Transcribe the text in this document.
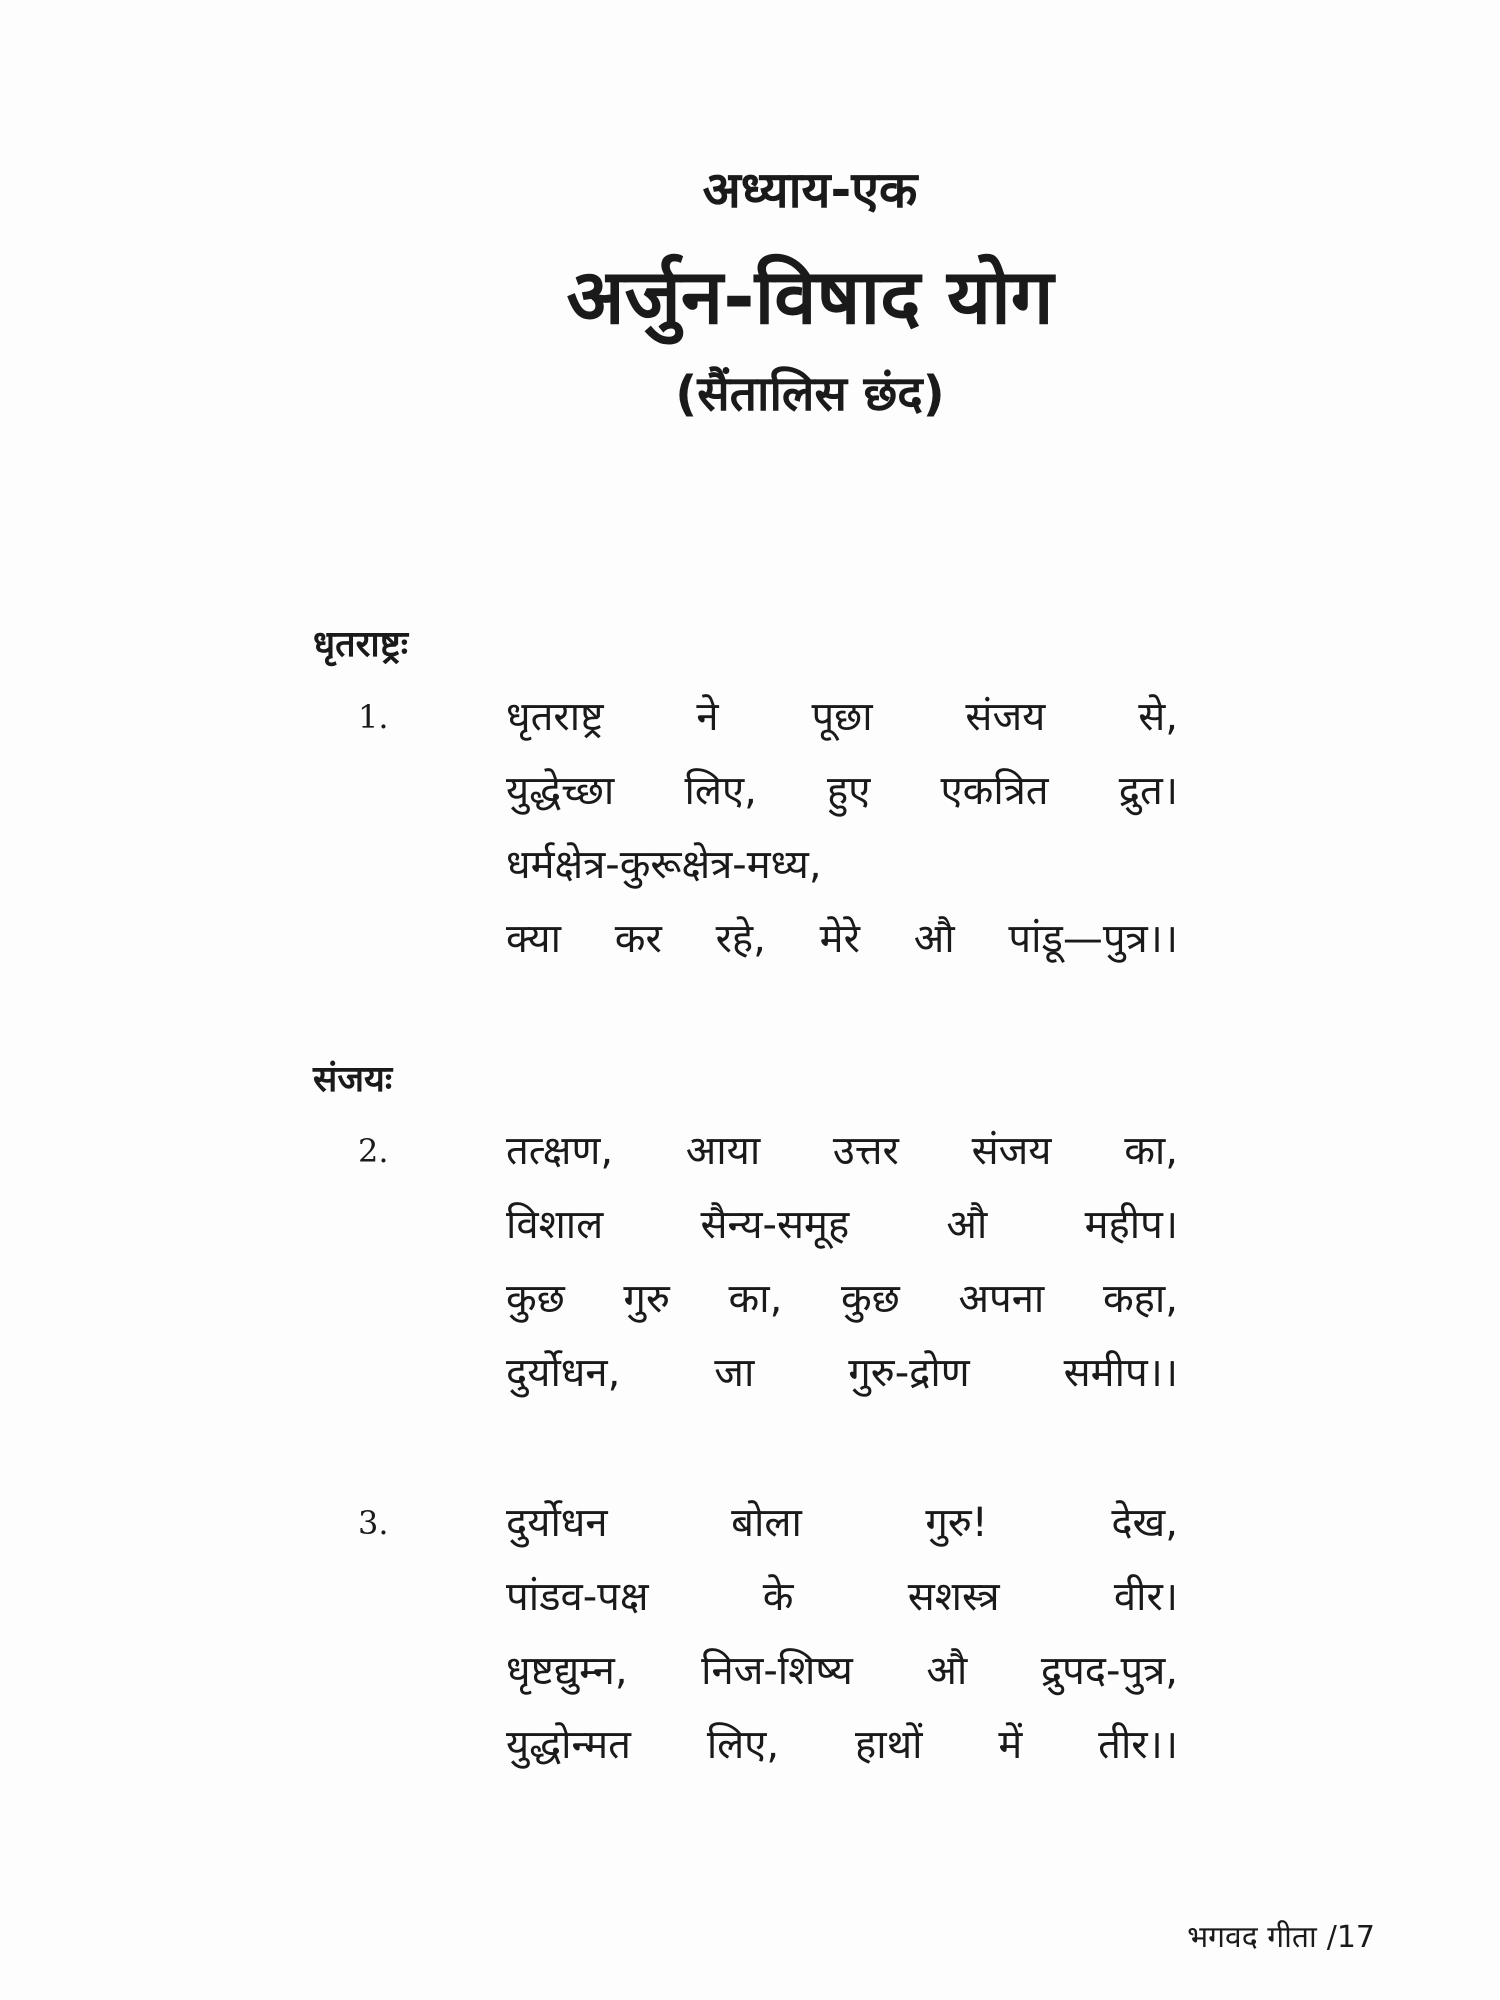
अध्याय-एक
अर्जुन-विषाद योग
(सैंतालिस छंद)
धृतराष्ट्रः
1.	धृतराष्ट्र ने पूछा संजय से,
युद्धेच्छा लिए, हुए एकत्रित द्रुत।
धर्मक्षेत्र-कुरूक्षेत्र-मध्य,
क्या कर रहे, मेरे औ पांडू—पुत्र।।
संजयः
2.	तत्क्षण, आया उत्तर संजय का,
विशाल सैन्य-समूह औ महीप।
कुछ गुरु का, कुछ अपना कहा,
दुर्योधन, जा गुरु-द्रोण समीप।।
3.	दुर्योधन बोला गुरु! देख,
पांडव-पक्ष के सशस्त्र वीर।
धृष्टद्युम्न, निज-शिष्य औ द्रुपद-पुत्र,
युद्धोन्मत लिए, हाथों में तीर।।
भगवद गीता /17
